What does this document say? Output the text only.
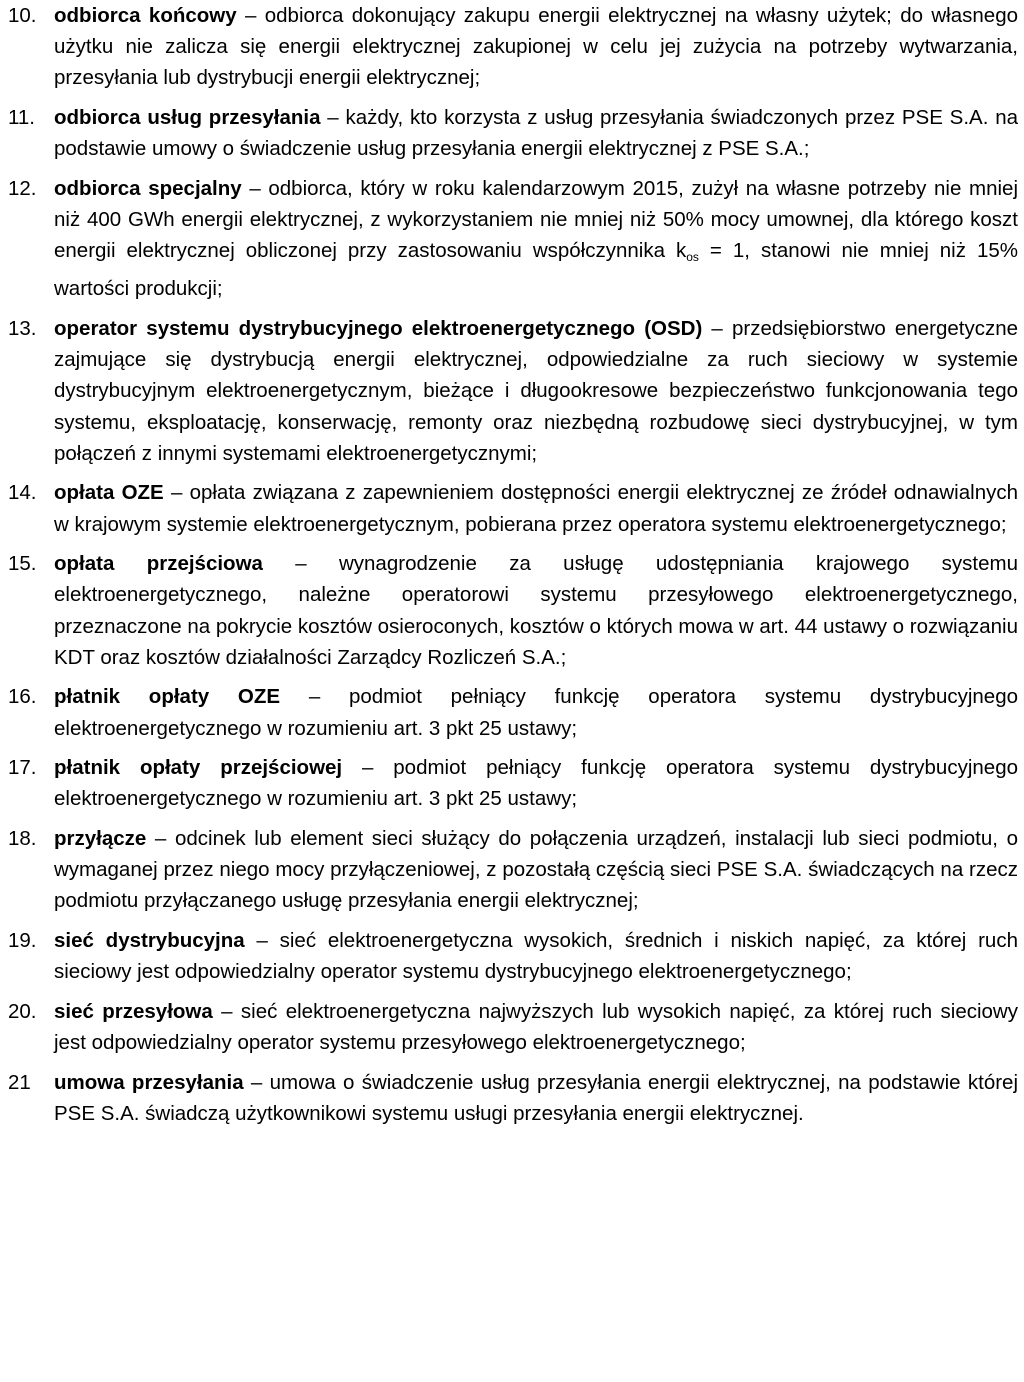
10. odbiorca końcowy – odbiorca dokonujący zakupu energii elektrycznej na własny użytek; do własnego użytku nie zalicza się energii elektrycznej zakupionej w celu jej zużycia na potrzeby wytwarzania, przesyłania lub dystrybucji energii elektrycznej;
11. odbiorca usług przesyłania – każdy, kto korzysta z usług przesyłania świadczonych przez PSE S.A. na podstawie umowy o świadczenie usług przesyłania energii elektrycznej z PSE S.A.;
12. odbiorca specjalny – odbiorca, który w roku kalendarzowym 2015, zużył na własne potrzeby nie mniej niż 400 GWh energii elektrycznej, z wykorzystaniem nie mniej niż 50% mocy umownej, dla którego koszt energii elektrycznej obliczonej przy zastosowaniu współczynnika $k_{os} = 1$, stanowi nie mniej niż 15% wartości produkcji;
13. operator systemu dystrybucyjnego elektroenergetycznego (OSD) – przedsiębiorstwo energetyczne zajmujące się dystrybucją energii elektrycznej, odpowiedzialne za ruch sieciowy w systemie dystrybucyjnym elektroenergetycznym, bieżące i długookresowe bezpieczeństwo funkcjonowania tego systemu, eksploatację, konserwację, remonty oraz niezbędną rozbudowę sieci dystrybucyjnej, w tym połączeń z innymi systemami elektroenergetycznymi;
14. opłata OZE – opłata związana z zapewnieniem dostępności energii elektrycznej ze źródeł odnawialnych w krajowym systemie elektroenergetycznym, pobierana przez operatora systemu elektroenergetycznego;
15. opłata przejściowa – wynagrodzenie za usługę udostępniania krajowego systemu elektroenergetycznego, należne operatorowi systemu przesyłowego elektroenergetycznego, przeznaczone na pokrycie kosztów osieroconych, kosztów o których mowa w art. 44 ustawy o rozwiązaniu KDT oraz kosztów działalności Zarządcy Rozliczeń S.A.;
16. płatnik opłaty OZE – podmiot pełniący funkcję operatora systemu dystrybucyjnego elektroenergetycznego w rozumieniu art. 3 pkt 25 ustawy;
17. płatnik opłaty przejściowej – podmiot pełniący funkcję operatora systemu dystrybucyjnego elektroenergetycznego w rozumieniu art. 3 pkt 25 ustawy;
18. przyłącze – odcinek lub element sieci służący do połączenia urządzeń, instalacji lub sieci podmiotu, o wymaganej przez niego mocy przyłączeniowej, z pozostałą częścią sieci PSE S.A. świadczących na rzecz podmiotu przyłączanego usługę przesyłania energii elektrycznej;
19. sieć dystrybucyjna – sieć elektroenergetyczna wysokich, średnich i niskich napięć, za której ruch sieciowy jest odpowiedzialny operator systemu dystrybucyjnego elektroenergetycznego;
20. sieć przesyłowa – sieć elektroenergetyczna najwyższych lub wysokich napięć, za której ruch sieciowy jest odpowiedzialny operator systemu przesyłowego elektroenergetycznego;
21 umowa przesyłania – umowa o świadczenie usług przesyłania energii elektrycznej, na podstawie której PSE S.A. świadczą użytkownikowi systemu usługi przesyłania energii elektrycznej.
